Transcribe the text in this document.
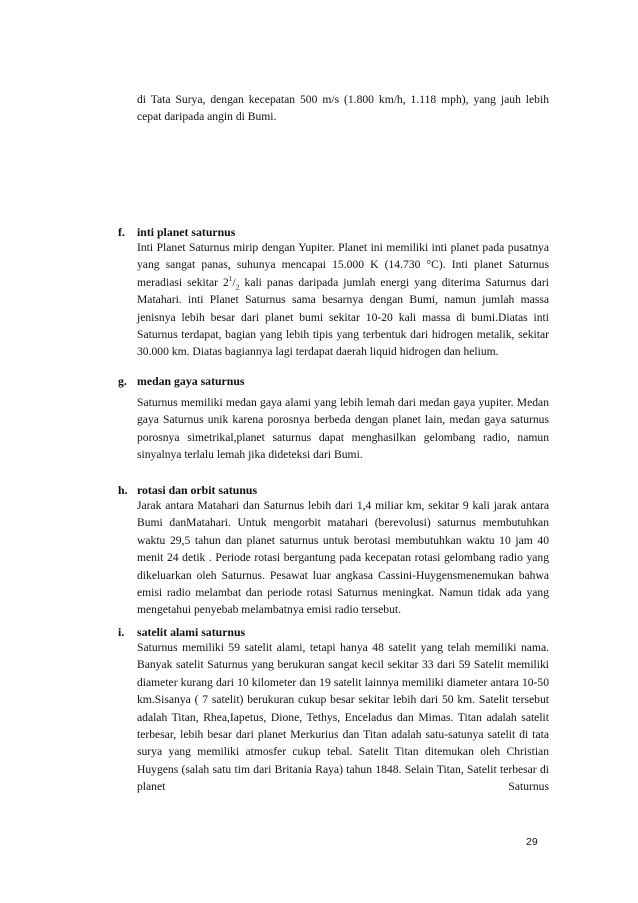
di Tata Surya, dengan kecepatan 500 m/s (1.800 km/h, 1.118 mph), yang jauh lebih cepat daripada angin di Bumi.

f. inti planet saturnus

Inti Planet Saturnus mirip dengan Yupiter. Planet ini memiliki inti planet pada pusatnya yang sangat panas, suhunya mencapai 15.000 K (14.730 °C). Inti planet Saturnus meradiasi sekitar $2^1/_2$ kali panas daripada jumlah energi yang diterima Saturnus dari Matahari. inti Planet Saturnus sama besarnya dengan Bumi, namun jumlah massa jenisnya lebih besar dari planet bumi sekitar 10-20 kali massa di bumi.Diatas inti Saturnus terdapat, bagian yang lebih tipis yang terbentuk dari hidrogen metalik, sekitar 30.000 km. Diatas bagiannya lagi terdapat daerah liquid hidrogen dan helium.

g. medan gaya saturnus

Saturnus memiliki medan gaya alami yang lebih lemah dari medan gaya yupiter. Medan gaya Saturnus unik karena porosnya berbeda dengan planet lain, medan gaya saturnus porosnya simetrikal,planet saturnus dapat menghasilkan gelombang radio, namun sinyalnya terlalu lemah jika dideteksi dari Bumi.

h. rotasi dan orbit satunus

Jarak antara Matahari dan Saturnus lebih dari 1,4 miliar km, sekitar 9 kali jarak antara Bumi danMatahari. Untuk mengorbit matahari (berevolusi) saturnus membutuhkan waktu 29,5 tahun dan planet saturnus untuk berotasi membutuhkan waktu 10 jam 40 menit 24 detik . Periode rotasi bergantung pada kecepatan rotasi gelombang radio yang dikeluarkan oleh Saturnus. Pesawat luar angkasa Cassini-Huygensmenemukan bahwa emisi radio melambat dan periode rotasi Saturnus meningkat. Namun tidak ada yang mengetahui penyebab melambatnya emisi radio tersebut.

i. satelit alami saturnus

Saturnus memiliki 59 satelit alami, tetapi hanya 48 satelit yang telah memiliki nama. Banyak satelit Saturnus yang berukuran sangat kecil sekitar 33 dari 59 Satelit memiliki diameter kurang dari 10 kilometer dan 19 satelit lainnya memiliki diameter antara 10-50 km.Sisanya ( 7 satelit) berukuran cukup besar sekitar lebih dari 50 km. Satelit tersebut adalah Titan, Rhea,Iapetus, Dione, Tethys, Enceladus dan Mimas. Titan adalah satelit terbesar, lebih besar dari planet Merkurius dan Titan adalah satu-satunya satelit di tata surya yang memiliki atmosfer cukup tebal. Satelit Titan ditemukan oleh Christian Huygens (salah satu tim dari Britania Raya) tahun 1848. Selain Titan, Satelit terbesar di planet Saturnus

29
